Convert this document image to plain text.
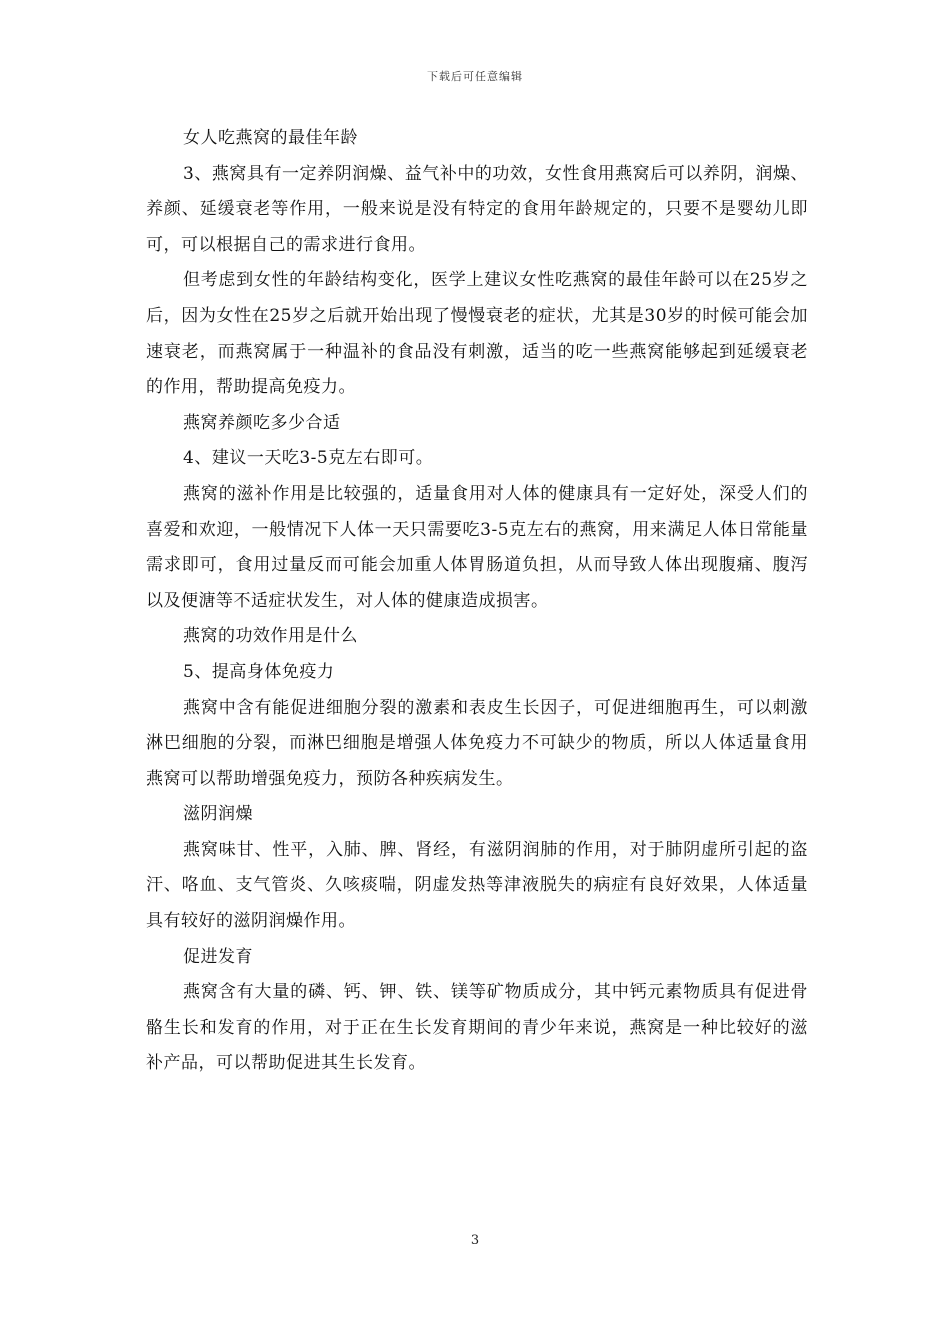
下载后可任意编辑

女人吃燕窝的最佳年龄

3、燕窝具有一定养阴润燥、益气补中的功效，女性食用燕窝后可以养阴，润燥、养颜、延缓衰老等作用，一般来说是没有特定的食用年龄规定的，只要不是婴幼儿即可，可以根据自己的需求进行食用。

但考虑到女性的年龄结构变化，医学上建议女性吃燕窝的最佳年龄可以在25岁之后，因为女性在25岁之后就开始出现了慢慢衰老的症状，尤其是30岁的时候可能会加速衰老，而燕窝属于一种温补的食品没有刺激，适当的吃一些燕窝能够起到延缓衰老的作用，帮助提高免疫力。

燕窝养颜吃多少合适

4、建议一天吃3-5克左右即可。

燕窝的滋补作用是比较强的，适量食用对人体的健康具有一定好处，深受人们的喜爱和欢迎，一般情况下人体一天只需要吃3-5克左右的燕窝，用来满足人体日常能量需求即可，食用过量反而可能会加重人体胃肠道负担，从而导致人体出现腹痛、腹泻以及便溏等不适症状发生，对人体的健康造成损害。

燕窝的功效作用是什么

5、提高身体免疫力

燕窝中含有能促进细胞分裂的激素和表皮生长因子，可促进细胞再生，可以刺激淋巴细胞的分裂，而淋巴细胞是增强人体免疫力不可缺少的物质，所以人体适量食用燕窝可以帮助增强免疫力，预防各种疾病发生。

滋阴润燥

燕窝味甘、性平，入肺、脾、肾经，有滋阴润肺的作用，对于肺阴虚所引起的盗汗、咯血、支气管炎、久咳痰喘，阴虚发热等津液脱失的病症有良好效果，人体适量具有较好的滋阴润燥作用。

促进发育

燕窝含有大量的磷、钙、钾、铁、镁等矿物质成分，其中钙元素物质具有促进骨骼生长和发育的作用，对于正在生长发育期间的青少年来说，燕窝是一种比较好的滋补产品，可以帮助促进其生长发育。

3
